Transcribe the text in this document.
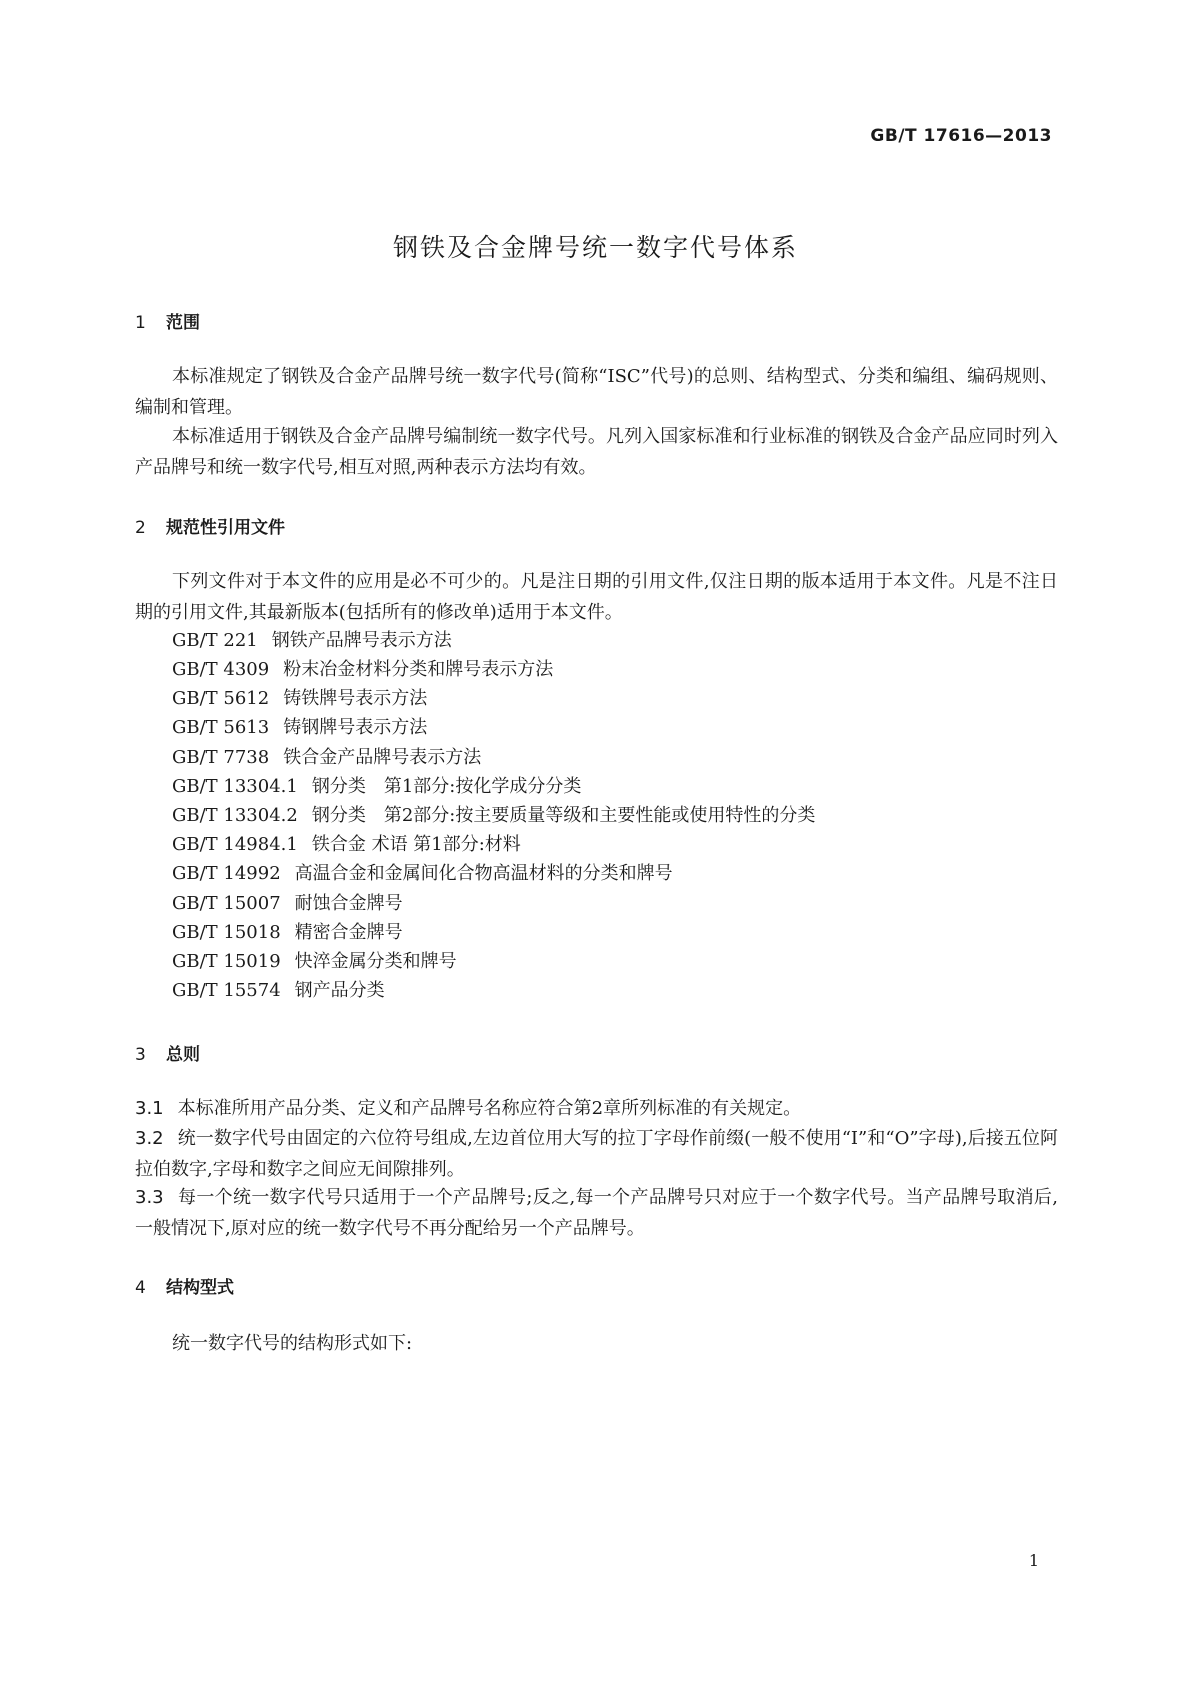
GB/T 17616—2013
钢铁及合金牌号统一数字代号体系
1 范围
本标准规定了钢铁及合金产品牌号统一数字代号(简称“ISC”代号)的总则、结构型式、分类和编组、编码规则、编制和管理。
本标准适用于钢铁及合金产品牌号编制统一数字代号。凡列入国家标准和行业标准的钢铁及合金产品应同时列入产品牌号和统一数字代号,相互对照,两种表示方法均有效。
2 规范性引用文件
下列文件对于本文件的应用是必不可少的。凡是注日期的引用文件,仅注日期的版本适用于本文件。凡是不注日期的引用文件,其最新版本(包括所有的修改单)适用于本文件。
GB/T 221 钢铁产品牌号表示方法
GB/T 4309 粉末冶金材料分类和牌号表示方法
GB/T 5612 铸铁牌号表示方法
GB/T 5613 铸钢牌号表示方法
GB/T 7738 铁合金产品牌号表示方法
GB/T 13304.1 钢分类　第1部分:按化学成分分类
GB/T 13304.2 钢分类　第2部分:按主要质量等级和主要性能或使用特性的分类
GB/T 14984.1 铁合金 术语 第1部分:材料
GB/T 14992 高温合金和金属间化合物高温材料的分类和牌号
GB/T 15007 耐蚀合金牌号
GB/T 15018 精密合金牌号
GB/T 15019 快淬金属分类和牌号
GB/T 15574 钢产品分类
3 总则
3.1 本标准所用产品分类、定义和产品牌号名称应符合第2章所列标准的有关规定。
3.2 统一数字代号由固定的六位符号组成,左边首位用大写的拉丁字母作前缀(一般不使用“I”和“O”字母),后接五位阿拉伯数字,字母和数字之间应无间隙排列。
3.3 每一个统一数字代号只适用于一个产品牌号;反之,每一个产品牌号只对应于一个数字代号。当产品牌号取消后,一般情况下,原对应的统一数字代号不再分配给另一个产品牌号。
4 结构型式
统一数字代号的结构形式如下:
1
